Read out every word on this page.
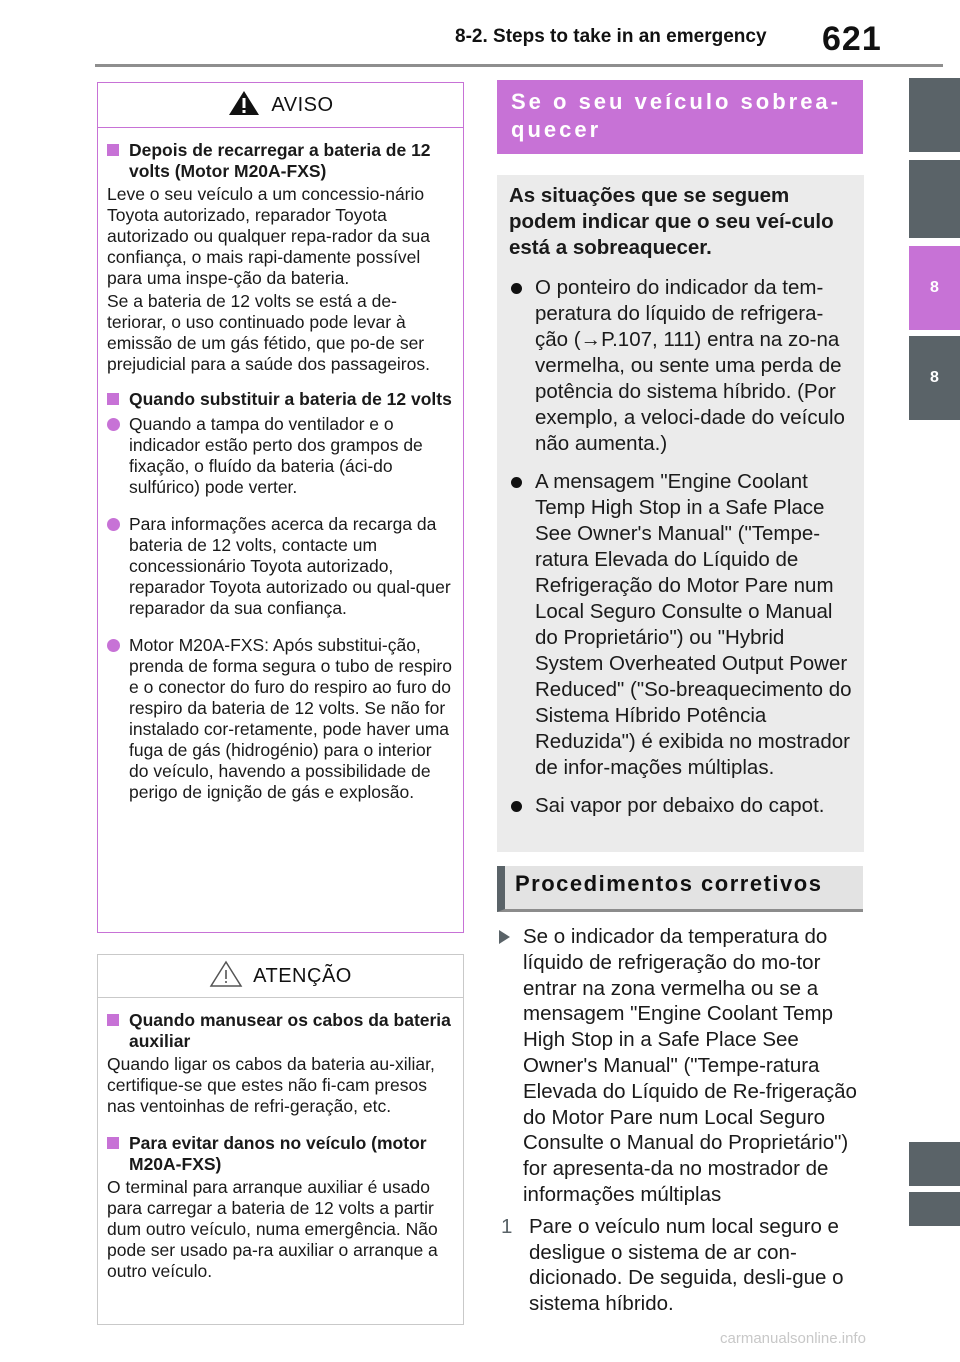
8-2. Steps to take in an emergency 621
8
8
AVISO
Depois de recarregar a bateria de 12 volts (Motor M20A-FXS)
Leve o seu veículo a um concessio-nário Toyota autorizado, reparador Toyota autorizado ou qualquer repa-rador da sua confiança, o mais rapi-damente possível para uma inspe-ção da bateria.
Se a bateria de 12 volts se está a de-teriorar, o uso continuado pode levar à emissão de um gás fétido, que po-de ser prejudicial para a saúde dos passageiros.
Quando substituir a bateria de 12 volts
Quando a tampa do ventilador e o indicador estão perto dos grampos de fixação, o fluído da bateria (áci-do sulfúrico) pode verter.
Para informações acerca da recarga da bateria de 12 volts, contacte um concessionário Toyota autorizado, reparador Toyota autorizado ou qual-quer reparador da sua confiança.
Motor M20A-FXS: Após substitui-ção, prenda de forma segura o tubo de respiro e o conector do furo do respiro ao furo do respiro da bateria de 12 volts. Se não for instalado cor-retamente, pode haver uma fuga de gás (hidrogénio) para o interior do veículo, havendo a possibilidade de perigo de ignição de gás e explosão.
ATENÇÃO
Quando manusear os cabos da bateria auxiliar
Quando ligar os cabos da bateria au-xiliar, certifique-se que estes não fi-cam presos nas ventoinhas de refri-geração, etc.
Para evitar danos no veículo (motor M20A-FXS)
O terminal para arranque auxiliar é usado para carregar a bateria de 12 volts a partir dum outro veículo, numa emergência. Não pode ser usado pa-ra auxiliar o arranque a outro veículo.
Se o seu veículo sobrea-quecer
As situações que se seguem podem indicar que o seu veí-culo está a sobreaquecer.
O ponteiro do indicador da tem-peratura do líquido de refrigera-ção (→P.107, 111) entra na zo-na vermelha, ou sente uma perda de potência do sistema híbrido. (Por exemplo, a veloci-dade do veículo não aumenta.)
A mensagem "Engine Coolant Temp High Stop in a Safe Place See Owner's Manual" ("Tempe-ratura Elevada do Líquido de Refrigeração do Motor Pare num Local Seguro Consulte o Manual do Proprietário") ou "Hybrid System Overheated Output Power Reduced" ("So-breaquecimento do Sistema Híbrido Potência Reduzida") é exibida no mostrador de infor-mações múltiplas.
Sai vapor por debaixo do capot.
Procedimentos corretivos
Se o indicador da temperatura do líquido de refrigeração do mo-tor entrar na zona vermelha ou se a mensagem "Engine Coolant Temp High Stop in a Safe Place See Owner's Manual" ("Tempe-ratura Elevada do Líquido de Re-frigeração do Motor Pare num Local Seguro Consulte o Manual do Proprietário") for apresenta-da no mostrador de informações múltiplas
1 Pare o veículo num local seguro e desligue o sistema de ar con-dicionado. De seguida, desli-gue o sistema híbrido.
carmanualsonline.info
